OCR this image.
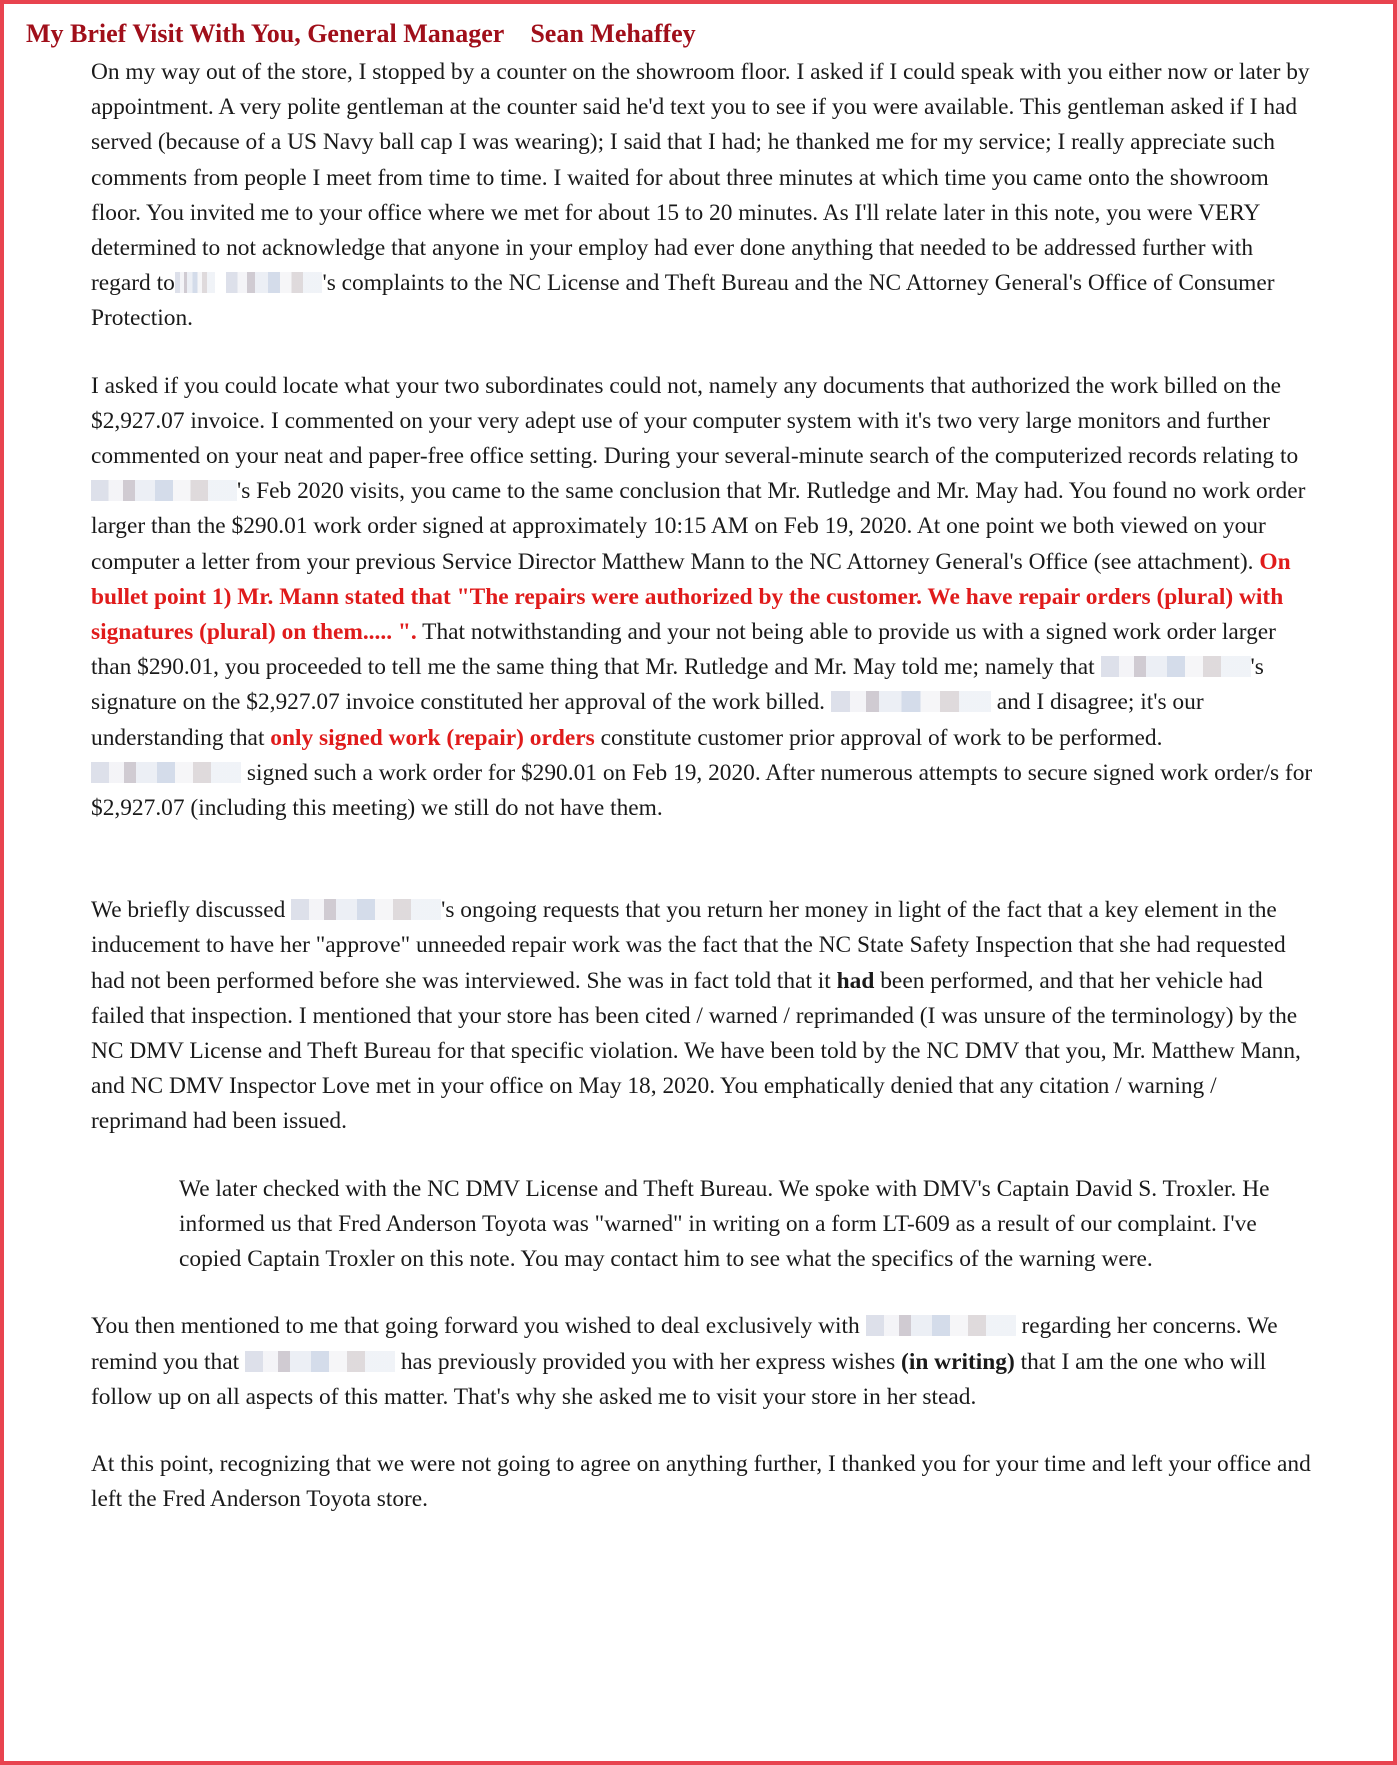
My Brief Visit With You, General Manager Sean Mehaffey

On my way out of the store, I stopped by a counter on the showroom floor. I asked if I could speak with you either now or later by appointment. A very polite gentleman at the counter said he'd text you to see if you were available. This gentleman asked if I had served (because of a US Navy ball cap I was wearing); I said that I had; he thanked me for my service; I really appreciate such comments from people I meet from time to time. I waited for about three minutes at which time you came onto the showroom floor. You invited me to your office where we met for about 15 to 20 minutes. As I'll relate later in this note, you were VERY determined to not acknowledge that anyone in your employ had ever done anything that needed to be addressed further with regard to	's complaints to the NC License and Theft Bureau and the NC Attorney General's Office of Consumer Protection.

I asked if you could locate what your two subordinates could not, namely any documents that authorized the work billed on the $2,927.07 invoice. I commented on your very adept use of your computer system with it's two very large monitors and further commented on your neat and paper-free office setting. During your several-minute search of the computerized records relating to 's Feb 2020 visits, you came to the same conclusion that Mr. Rutledge and Mr. May had. You found no work order larger than the $290.01 work order signed at approximately 10:15 AM on Feb 19, 2020. At one point we both viewed on your computer a letter from your previous Service Director Matthew Mann to the NC Attorney General's Office (see attachment). On bullet point 1) Mr. Mann stated that "The repairs were authorized by the customer. We have repair orders (plural) with signatures (plural) on them..... ". That notwithstanding and your not being able to provide us with a signed work order larger than $290.01, you proceeded to tell me the same thing that Mr. Rutledge and Mr. May told me; namely that	's signature on the $2,927.07 invoice constituted her approval of the work billed.	and I disagree; it's our understanding that only signed work (repair) orders constitute customer prior approval of work to be performed.  signed such a work order for $290.01 on Feb 19, 2020. After numerous attempts to secure signed work order/s for $2,927.07 (including this meeting) we still do not have them.

We briefly discussed	's ongoing requests that you return her money in light of the fact that a key element in the inducement to have her "approve" unneeded repair work was the fact that the NC State Safety Inspection that she had requested had not been performed before she was interviewed. She was in fact told that it had been performed, and that her vehicle had failed that inspection. I mentioned that your store has been cited / warned / reprimanded (I was unsure of the terminology) by the NC DMV License and Theft Bureau for that specific violation. We have been told by the NC DMV that you, Mr. Matthew Mann, and NC DMV Inspector Love met in your office on May 18, 2020. You emphatically denied that any citation / warning / reprimand had been issued.

We later checked with the NC DMV License and Theft Bureau. We spoke with DMV's Captain David S. Troxler. He informed us that Fred Anderson Toyota was "warned" in writing on a form LT-609 as a result of our complaint. I've copied Captain Troxler on this note. You may contact him to see what the specifics of the warning were.

You then mentioned to me that going forward you wished to deal exclusively with	regarding her concerns. We remind you that	has previously provided you with her express wishes (in writing) that I am the one who will follow up on all aspects of this matter. That's why she asked me to visit your store in her stead.

At this point, recognizing that we were not going to agree on anything further, I thanked you for your time and left your office and left the Fred Anderson Toyota store.
